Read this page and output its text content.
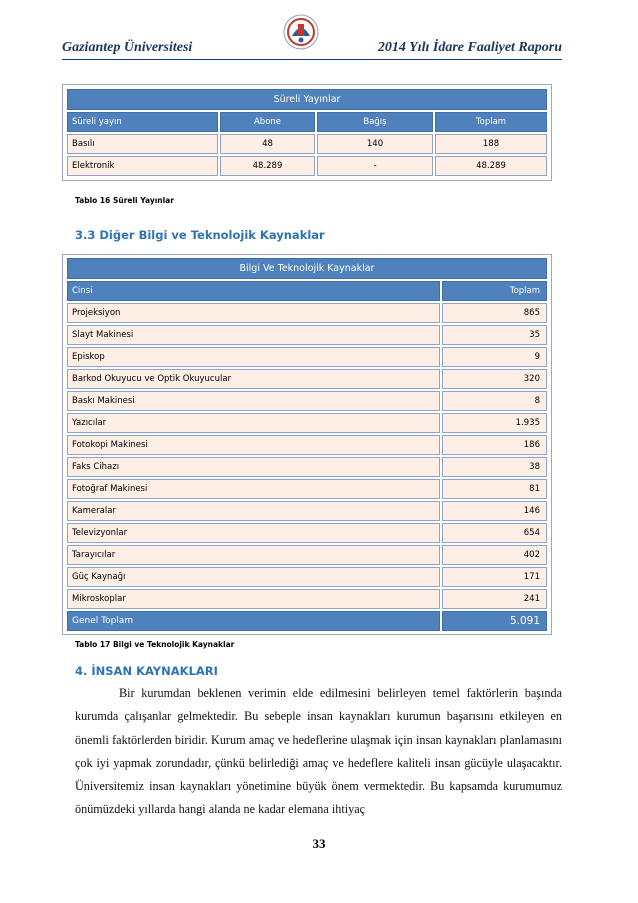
Gaziantep Üniversitesi	2014 Yılı İdare Faaliyet Raporu
Süreli Yayınlar
Süreli yayın	Abone	Bağış	Toplam
Basılı	48	140	188
Elektronik	48.289	-	48.289
Tablo 16 Süreli Yayınlar
3.3 Diğer Bilgi ve Teknolojik Kaynaklar
Bilgi Ve Teknolojik Kaynaklar
Cinsi	Toplam
Projeksiyon	865
Slayt Makinesi	35
Episkop	9
Barkod Okuyucu ve Optik Okuyucular	320
Baskı Makinesi	8
Yazıcılar	1.935
Fotokopi Makinesi	186
Faks Cihazı	38
Fotoğraf Makinesi	81
Kameralar	146
Televizyonlar	654
Tarayıcılar	402
Güç Kaynağı	171
Mikroskoplar	241
Genel Toplam	5.091
Tablo 17 Bilgi ve Teknolojik Kaynaklar
4. İNSAN KAYNAKLARI

Bir kurumdan beklenen verimin elde edilmesini belirleyen temel faktörlerin başında kurumda çalışanlar gelmektedir. Bu sebeple insan kaynakları kurumun başarısını etkileyen en önemli faktörlerden biridir. Kurum amaç ve hedeflerine ulaşmak için insan kaynakları planlamasını çok iyi yapmak zorundadır, çünkü belirlediği amaç ve hedeflere kaliteli insan gücüyle ulaşacaktır. Üniversitemiz insan kaynakları yönetimine büyük önem vermektedir. Bu kapsamda kurumumuz önümüzdeki yıllarda hangi alanda ne kadar elemana ihtiyaç

33
